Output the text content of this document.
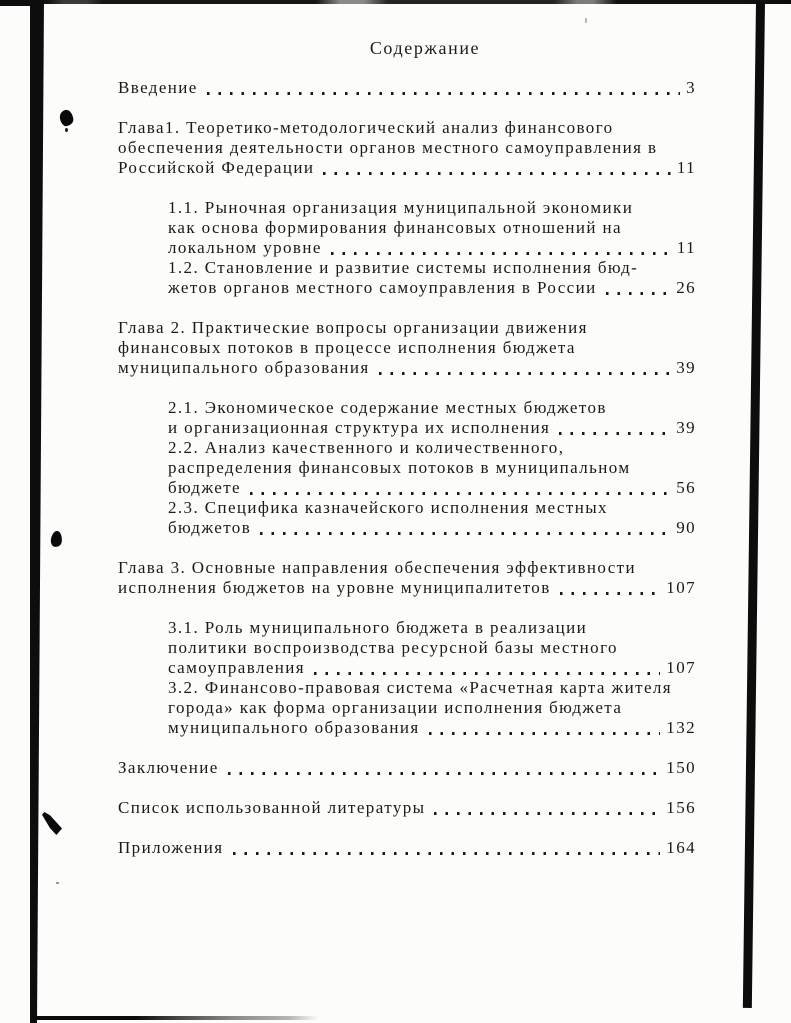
Содержание
Введение	3
Глава1. Теоретико-методологический анализ финансового
обеспечения деятельности органов местного самоуправления в
Российской Федерации	11
1.1. Рыночная организация муниципальной экономики
как основа формирования финансовых отношений на
локальном уровне	11
1.2. Становление и развитие системы исполнения бюд-
жетов органов местного самоуправления в России	26
Глава 2. Практические вопросы организации движения
финансовых потоков в процессе исполнения бюджета
муниципального образования	39
2.1. Экономическое содержание местных бюджетов
и организационная структура их исполнения	39
2.2. Анализ качественного и количественного,
распределения финансовых потоков в муниципальном
бюджете	56
2.3. Специфика казначейского исполнения местных
бюджетов	90
Глава 3. Основные направления обеспечения эффективности
исполнения бюджетов на уровне муниципалитетов	107
3.1. Роль муниципального бюджета в реализации
политики воспроизводства ресурсной базы местного
самоуправления	107
3.2. Финансово-правовая система «Расчетная карта жителя
города» как форма организации исполнения бюджета
муниципального образования	132
Заключение	150
Список использованной литературы	156
Приложения	164
